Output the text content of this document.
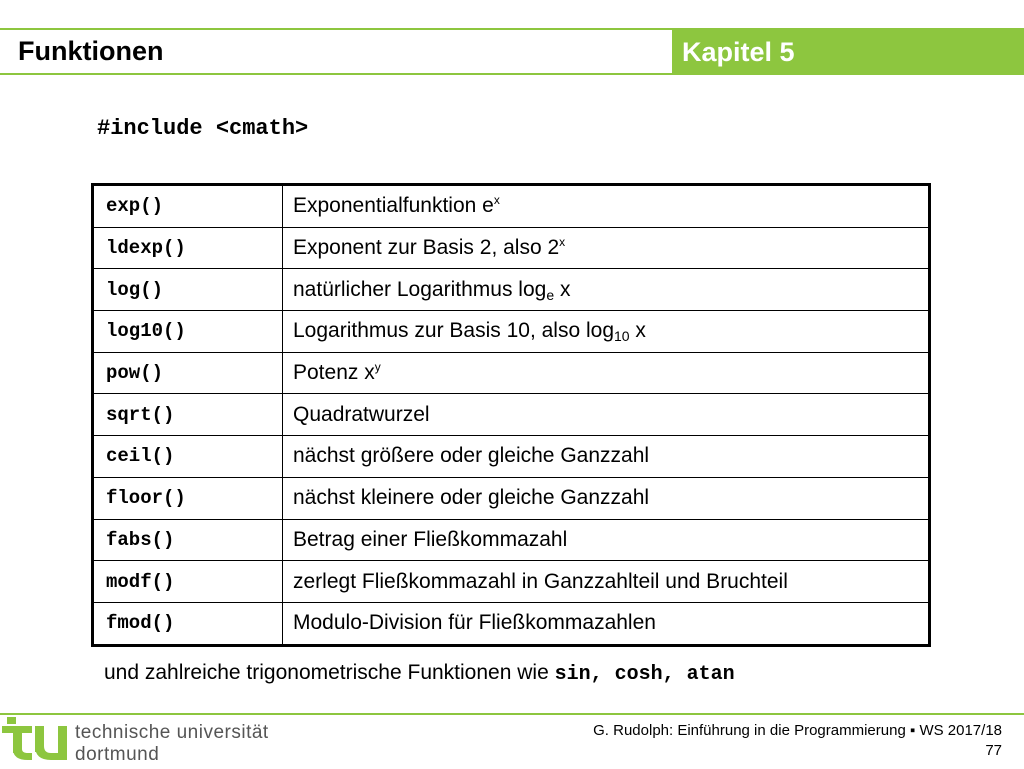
Funktionen	Kapitel 5
#include <cmath>
exp()	Exponentialfunktion $e^x$
ldexp()	Exponent zur Basis 2, also 2$^x$
log()	natürlicher Logarithmus $\log_e x$
log10()	Logarithmus zur Basis 10, also $\log_{10} x$
pow()	Potenz $x^y$
sqrt()	Quadratwurzel
ceil()	nächst größere oder gleiche Ganzzahl
floor()	nächst kleinere oder gleiche Ganzzahl
fabs()	Betrag einer Fließkommazahl
modf()	zerlegt Fließkommazahl in Ganzzahlteil und Bruchteil
fmod()	Modulo-Division für Fließkommazahlen
und zahlreiche trigonometrische Funktionen wie sin, cosh, atan
technische universität
dortmund
G. Rudolph: Einführung in die Programmierung ▪ WS 2017/18
77
